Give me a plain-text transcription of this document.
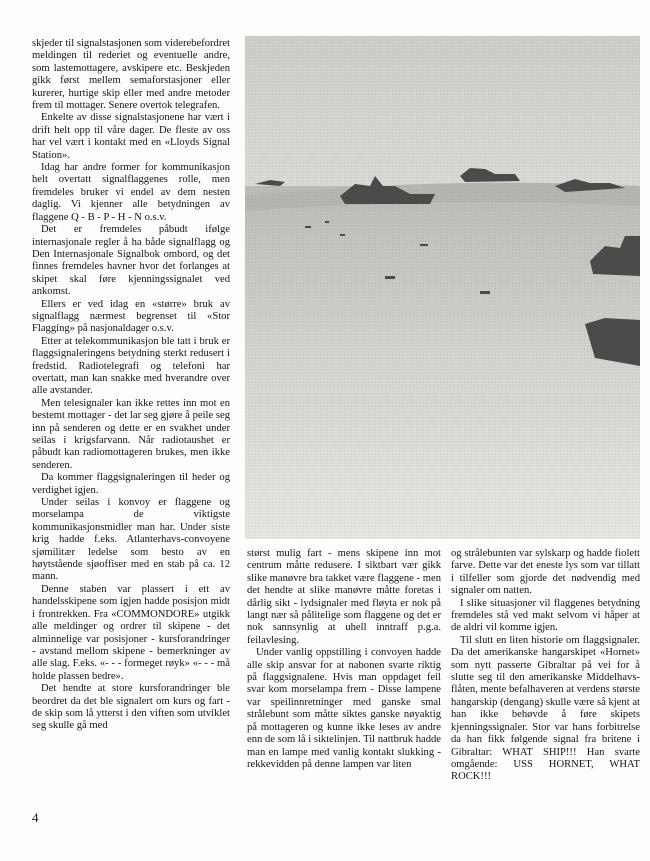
skjeder til signalstasjonen som viderebefordret meldingen til rederiet og eventuelle andre, som lastemottagere, avskipere etc. Beskjeden gikk først mellem semaforstasjoner eller kurerer, hurtige skip eller med andre metoder frem til mottager. Senere overtok telegrafen.

Enkelte av disse signalstasjonene har vært i drift helt opp til våre dager. De fleste av oss har vel vært i kontakt med en «Lloyds Signal Station».

Idag har andre former for kommunikasjon helt overtatt signalflaggenes rolle, men fremdeles bruker vi endel av dem nesten daglig. Vi kjenner alle betydningen av flaggene Q - B - P - H - N o.s.v.

Det er fremdeles påbudt ifølge internasjonale regler å ha både signalflagg og Den Internasjonale Signalbok ombord, og det finnes fremdeles havner hvor det forlanges at skipet skal føre kjenningssignalet ved ankomst.

Ellers er ved idag en «større» bruk av signalflagg nærmest begrenset til «Stor Flagging» på nasjonaldager o.s.v.

Etter at telekommunikasjon ble tatt i bruk er flaggsignaleringens betydning sterkt redusert i fredstid. Radiotelegrafi og telefoni har overtatt, man kan snakke med hverandre over alle avstander.

Men telesignaler kan ikke rettes inn mot en bestemt mottager - det lar seg gjøre å peile seg inn på senderen og dette er en svakhet under seilas i krigsfarvann. Når radiotaushet er påbudt kan radiomottageren brukes, men ikke senderen.

Da kommer flaggsignaleringen til heder og verdighet igjen.

Under seilas i konvoy er flaggene og morselampa de viktigste kommunikasjonsmidler man har. Under siste krig hadde f.eks. Atlanterhavs-convoyene sjømilitær ledelse som besto av en høytstående sjøoffiser med en stab på ca. 12 mann.

Denne staben var plassert i ett av handelsskipene som igjen hadde posisjon midt i frontrekken. Fra «COMMONDORE» utgikk alle meldinger og ordrer til skipene - det alminnelige var posisjoner - kursforandringer - avstand mellom skipene - bemerkninger av alle slag. F.eks. «- - - formeget røyk» «- - - må holde plassen bedre».

Det hendte at store kursforandringer ble beordret da det ble signalert om kurs og fart - de skip som lå ytterst i den viften som utviklet seg skulle gå med

størst mulig fart - mens skipene inn mot centrum måtte redusere. I siktbart vær gikk slike manøvre bra takket være flaggene - men det hendte at slike manøvre måtte foretas i dårlig sikt - lydsignaler med fløyta er nok på langt nær så pålitelige som flaggene og det er nok sannsynlig at uhell inntraff p.g.a. feilavlesing.

Under vanlig oppstilling i convoyen hadde alle skip ansvar for at nabonen svarte riktig på flaggsignalene. Hvis man oppdaget feil svar kom morselampa frem - Disse lampene var speilinnretninger med ganske smal strålebunt som måtte siktes ganske nøyaktig på mottageren og kunne ikke leses av andre enn de som lå i siktelinjen. Til nattbruk hadde man en lampe med vanlig kontakt slukking - rekkevidden på denne lampen var liten

og strålebunten var sylskarp og hadde fiolett farve. Dette var det eneste lys som var tillatt i tilfeller som gjorde det nødvendig med signaler om natten.

I slike situasjoner vil flaggenes betydning fremdeles stå ved makt selvom vi håper at de aldri vil komme igjen.

Til slutt en liten historie om flaggsignaler. Da det amerikanske hangarskipet «Hornet» som nytt passerte Gibraltar på vei for å slutte seg til den amerikanske Middelhavs-flåten, mente befalhaveren at verdens største hangarskip (dengang) skulle være så kjent at han ikke behøvde å føre skipets kjenningssignaler. Stor var hans forbitrelse da han fikk følgende signal fra britene i Gibraltar: WHAT SHIP!!! Han svarte omgående: USS HORNET, WHAT ROCK!!!

4
